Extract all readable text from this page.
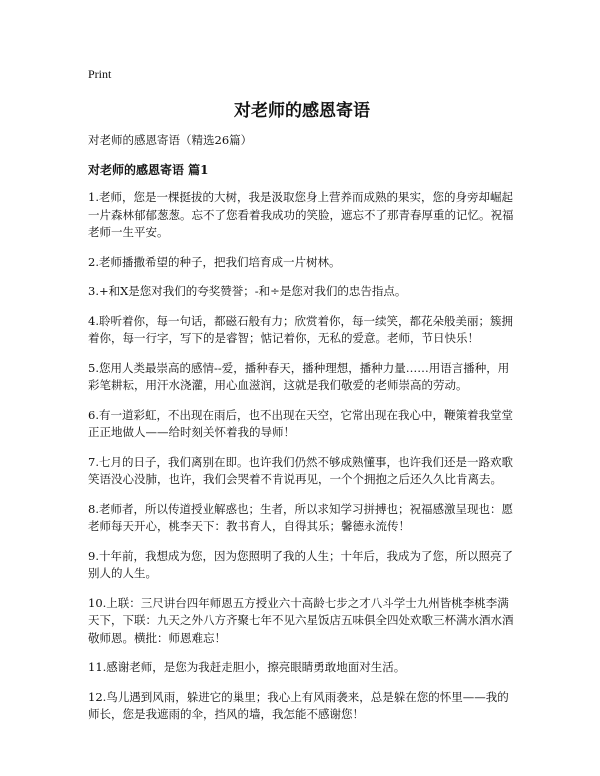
Print
对老师的感恩寄语
对老师的感恩寄语（精选26篇）
对老师的感恩寄语 篇1

1.老师，您是一棵挺拔的大树，我是汲取您身上营养而成熟的果实，您的身旁却崛起一片森林郁郁葱葱。忘不了您看着我成功的笑脸，遮忘不了那青春厚重的记忆。祝福老师一生平安。

2.老师播撒希望的种子，把我们培育成一片树林。

3.+和X是您对我们的夸奖赞誉；-和÷是您对我们的忠告指点。

4.聆听着你，每一句话，都磁石般有力；欣赏着你，每一续笑，都花朵般美丽；簇拥着你，每一行字，写下的是睿智；惦记着你，无私的爱意。老师，节日快乐！

5.您用人类最崇高的感情--爱，播种春天，播种理想，播种力量……用语言播种，用彩笔耕耘，用汗水浇灌，用心血滋润，这就是我们敬爱的老师崇高的劳动。

6.有一道彩虹，不出现在雨后，也不出现在天空，它常出现在我心中，鞭策着我堂堂正正地做人——给时刻关怀着我的导师！

7.七月的日子，我们离别在即。也许我们仍然不够成熟懂事，也许我们还是一路欢歌笑语没心没肺，也许，我们会哭着不肯说再见，一个个拥抱之后还久久比肯离去。

8.老师者，所以传道授业解惑也；生者，所以求知学习拼搏也；祝福感激呈现也：愿老师每天开心，桃李天下：教书育人，自得其乐；馨德永流传！

9.十年前，我想成为您，因为您照明了我的人生；十年后，我成为了您，所以照亮了别人的人生。

10.上联：三尺讲台四年师恩五方授业六十高龄七步之才八斗学士九州皆桃李桃李满天下，下联：九天之外八方齐聚七年不见六星饭店五味俱全四处欢歌三杯满水酒水酒敬师恩。横批：师恩难忘！

11.感谢老师，是您为我赶走胆小，擦亮眼睛勇敢地面对生活。

12.鸟儿遇到风雨，躲进它的巢里；我心上有风雨袭来，总是躲在您的怀里——我的师长，您是我遮雨的伞，挡风的墙，我怎能不感谢您！
